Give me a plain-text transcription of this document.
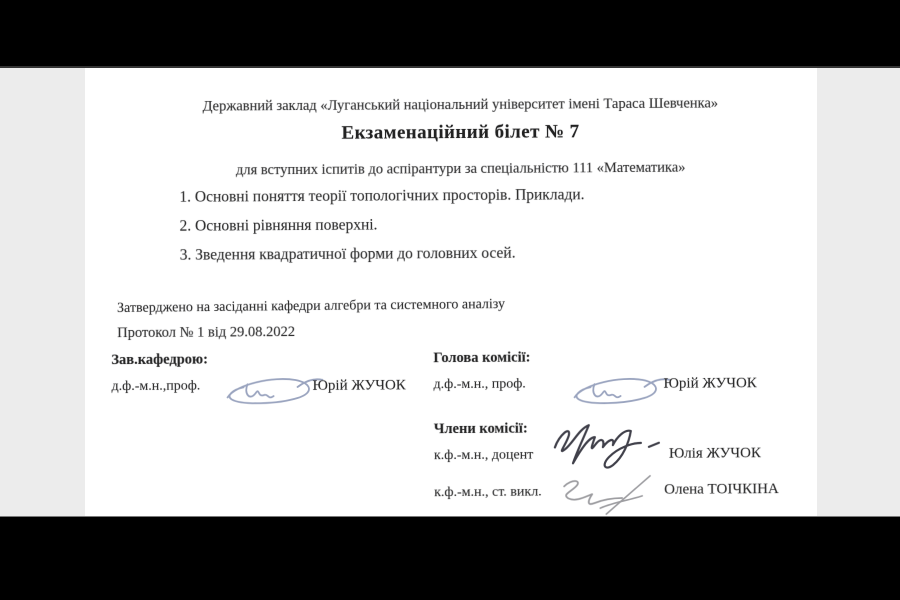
Державний заклад «Луганський національний університет імені Тараса Шевченка»
Екзаменаційний білет № 7
для вступних іспитів до аспірантури за спеціальністю 111 «Математика»
1. Основні поняття теорії топологічних просторів. Приклади.
2. Основні рівняння поверхні.
3. Зведення квадратичної форми до головних осей.
Затверджено на засіданні кафедри алгебри та системного аналізу
Протокол № 1 від 29.08.2022
Зав.кафедрою:
д.ф.-м.н.,проф.	Юрій ЖУЧОК
Голова комісії:
д.ф.-м.н., проф.	Юрій ЖУЧОК
Члени комісії:
к.ф.-м.н., доцент	Юлія ЖУЧОК
к.ф.-м.н., ст. викл.	Олена ТОІЧКІНА
